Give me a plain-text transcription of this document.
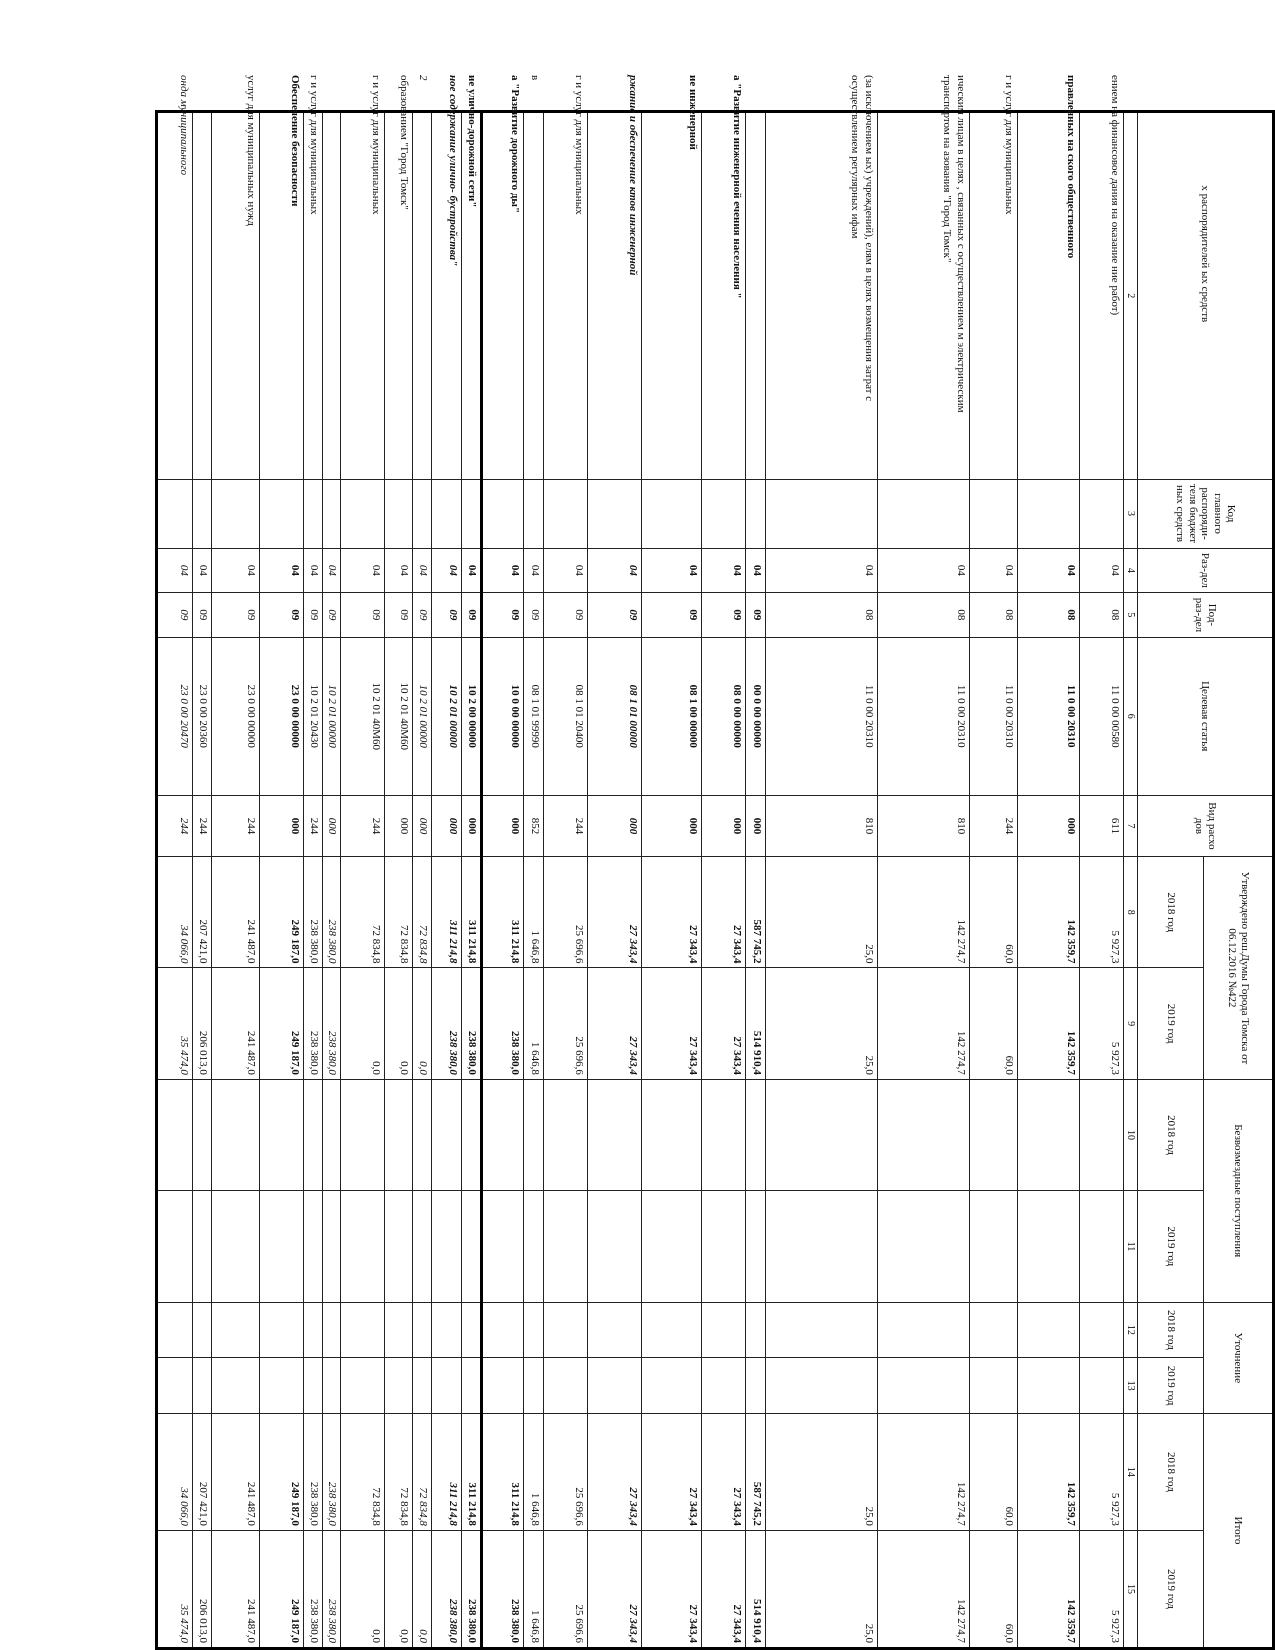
х распорядителей ых средств	Код главного распоряди-теля бюджет ных средств	Раз-дел	Под-раз-дел	Целевая статья	Вид расхо дов	Утверждено реш.Думы Города Томска от 06.12.2016 №422		Безвозмездные поступления		Уточнение		Итого	
						2018 год	2019 год	2018 год	2019 год	2018 год	2019 год	2018 год	2019 год
2	3	4	5	6	7	8	9	10	11	12	13	14	15
ением на финансовое дания на оказание ние работ)		04	08	11 0 00 00580	611	5 927,3	5 927,3					5 927,3	5 927,3
правленных на ского общественного		04	08	11 0 00 20310	000	142 359,7	142 359,7					142 359,7	142 359,7
г и услуг для муниципальных		04	08	11 0 00 20310	244	60,0	60,0					60,0	60,0
ическим лицам в целях , связанных с осуществлением м электрическим транспортом на азования "Город Томск"		04	08	11 0 00 20310	810	142 274,7	142 274,7					142 274,7	142 274,7
(за исключением ых) учреждений), елям в целях возмещения затрат с осуществлением регулярных ифам		04	08	11 0 00 20310	810	25,0	25,0					25,0	25,0
		04	09	00 0 00 00000	000	587 745,2	514 910,4					587 745,2	514 910,4
а "Развитие инженерной ечения населения "		04	09	08 0 00 00000	000	27 343,4	27 343,4					27 343,4	27 343,4
ие инженерной		04	09	08 1 00 00000	000	27 343,4	27 343,4					27 343,4	27 343,4
ржание и обеспечение ктов инженерной		04	09	08 1 01 00000	000	27 343,4	27 343,4					27 343,4	27 343,4
г и услуг для муниципальных		04	09	08 1 01 20400	244	25 696,6	25 696,6					25 696,6	25 696,6
в		04	09	08 1 01 99990	852	1 646,8	1 646,8					1 646,8	1 646,8
а "Развитие дорожного ды"		04	09	10 0 00 00000	000	311 214,8	238 380,0					311 214,8	238 380,0
ие улично-дорожной сети"		04	09	10 2 00 00000	000	311 214,8	238 380,0					311 214,8	238 380,0
ное содержание улично- бустройства"		04	09	10 2 01 00000	000	311 214,8	238 380,0					311 214,8	238 380,0
2		04	09	10 2 01 00000	000	72 834,8	0,0					72 834,8	0,0
образованием "Город Томск"		04	09	10 2 01 40М60	000	72 834,8	0,0					72 834,8	0,0
г и услуг для муниципальных		04	09	10 2 01 40М60	244	72 834,8	0,0					72 834,8	0,0
		04	09	10 2 01 00000	000	238 380,0	238 380,0					238 380,0	238 380,0
г и услуг для муниципальных		04	09	10 2 01 20430	244	238 380,0	238 380,0					238 380,0	238 380,0
Обеспечение безопасности		04	09	23 0 00 00000	000	249 187,0	249 187,0					249 187,0	249 187,0
услуг для муниципальных нужд		04	09	23 0 00 00000	244	241 487,0	241 487,0					241 487,0	241 487,0
		04	09	23 0 00 20360	244	207 421,0	206 013,0					207 421,0	206 013,0
онда муниципального		04	09	23 0 00 20470	244	34 066,0	35 474,0					34 066,0	35 474,0
